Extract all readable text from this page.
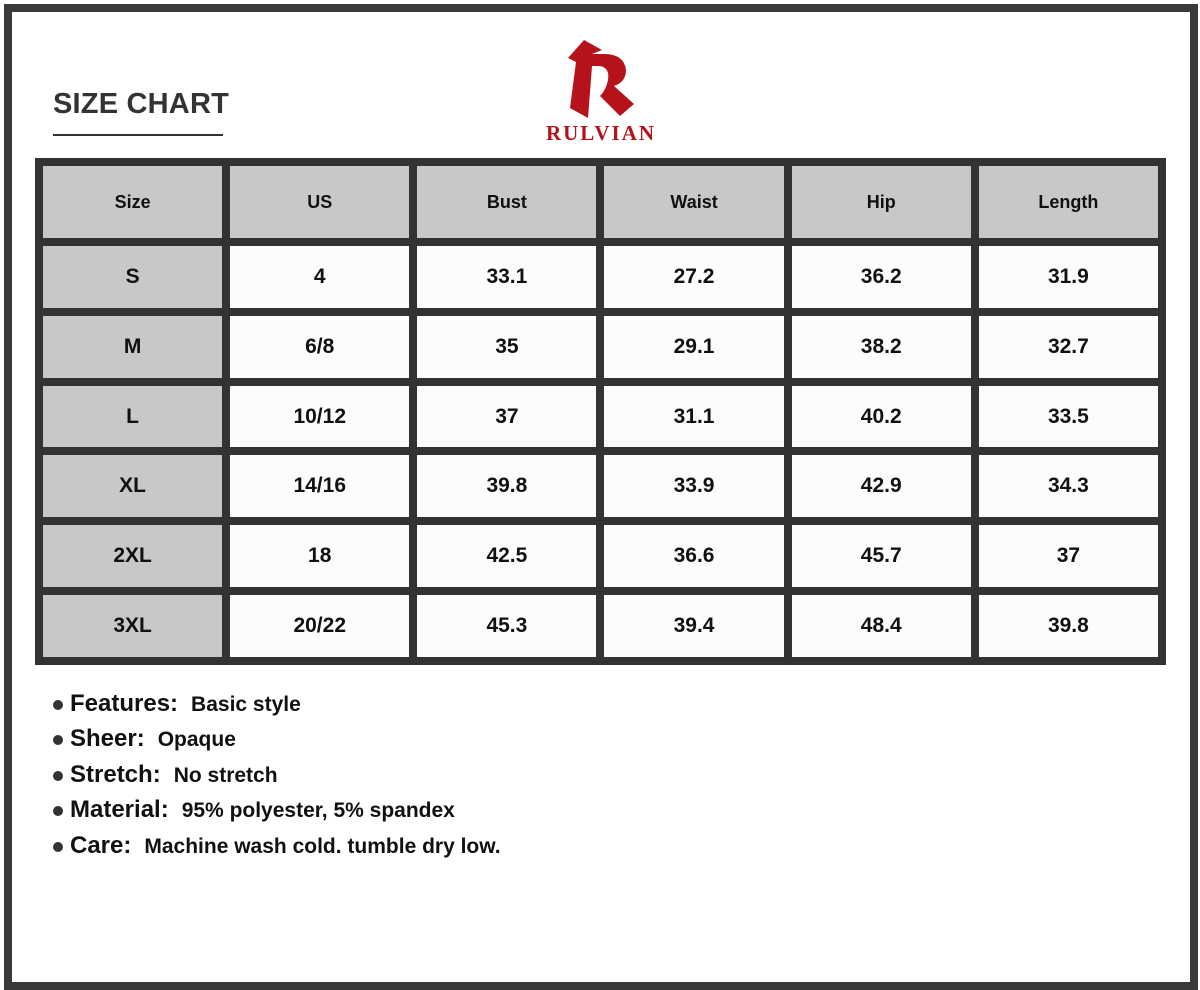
SIZE CHART
RULVIAN
Size	US	Bust	Waist	Hip	Length
S	4	33.1	27.2	36.2	31.9
M	6/8	35	29.1	38.2	32.7
L	10/12	37	31.1	40.2	33.5
XL	14/16	39.8	33.9	42.9	34.3
2XL	18	42.5	36.6	45.7	37
3XL	20/22	45.3	39.4	48.4	39.8
Features: Basic style
Sheer: Opaque
Stretch: No stretch
Material: 95% polyester, 5% spandex
Care: Machine wash cold. tumble dry low.
